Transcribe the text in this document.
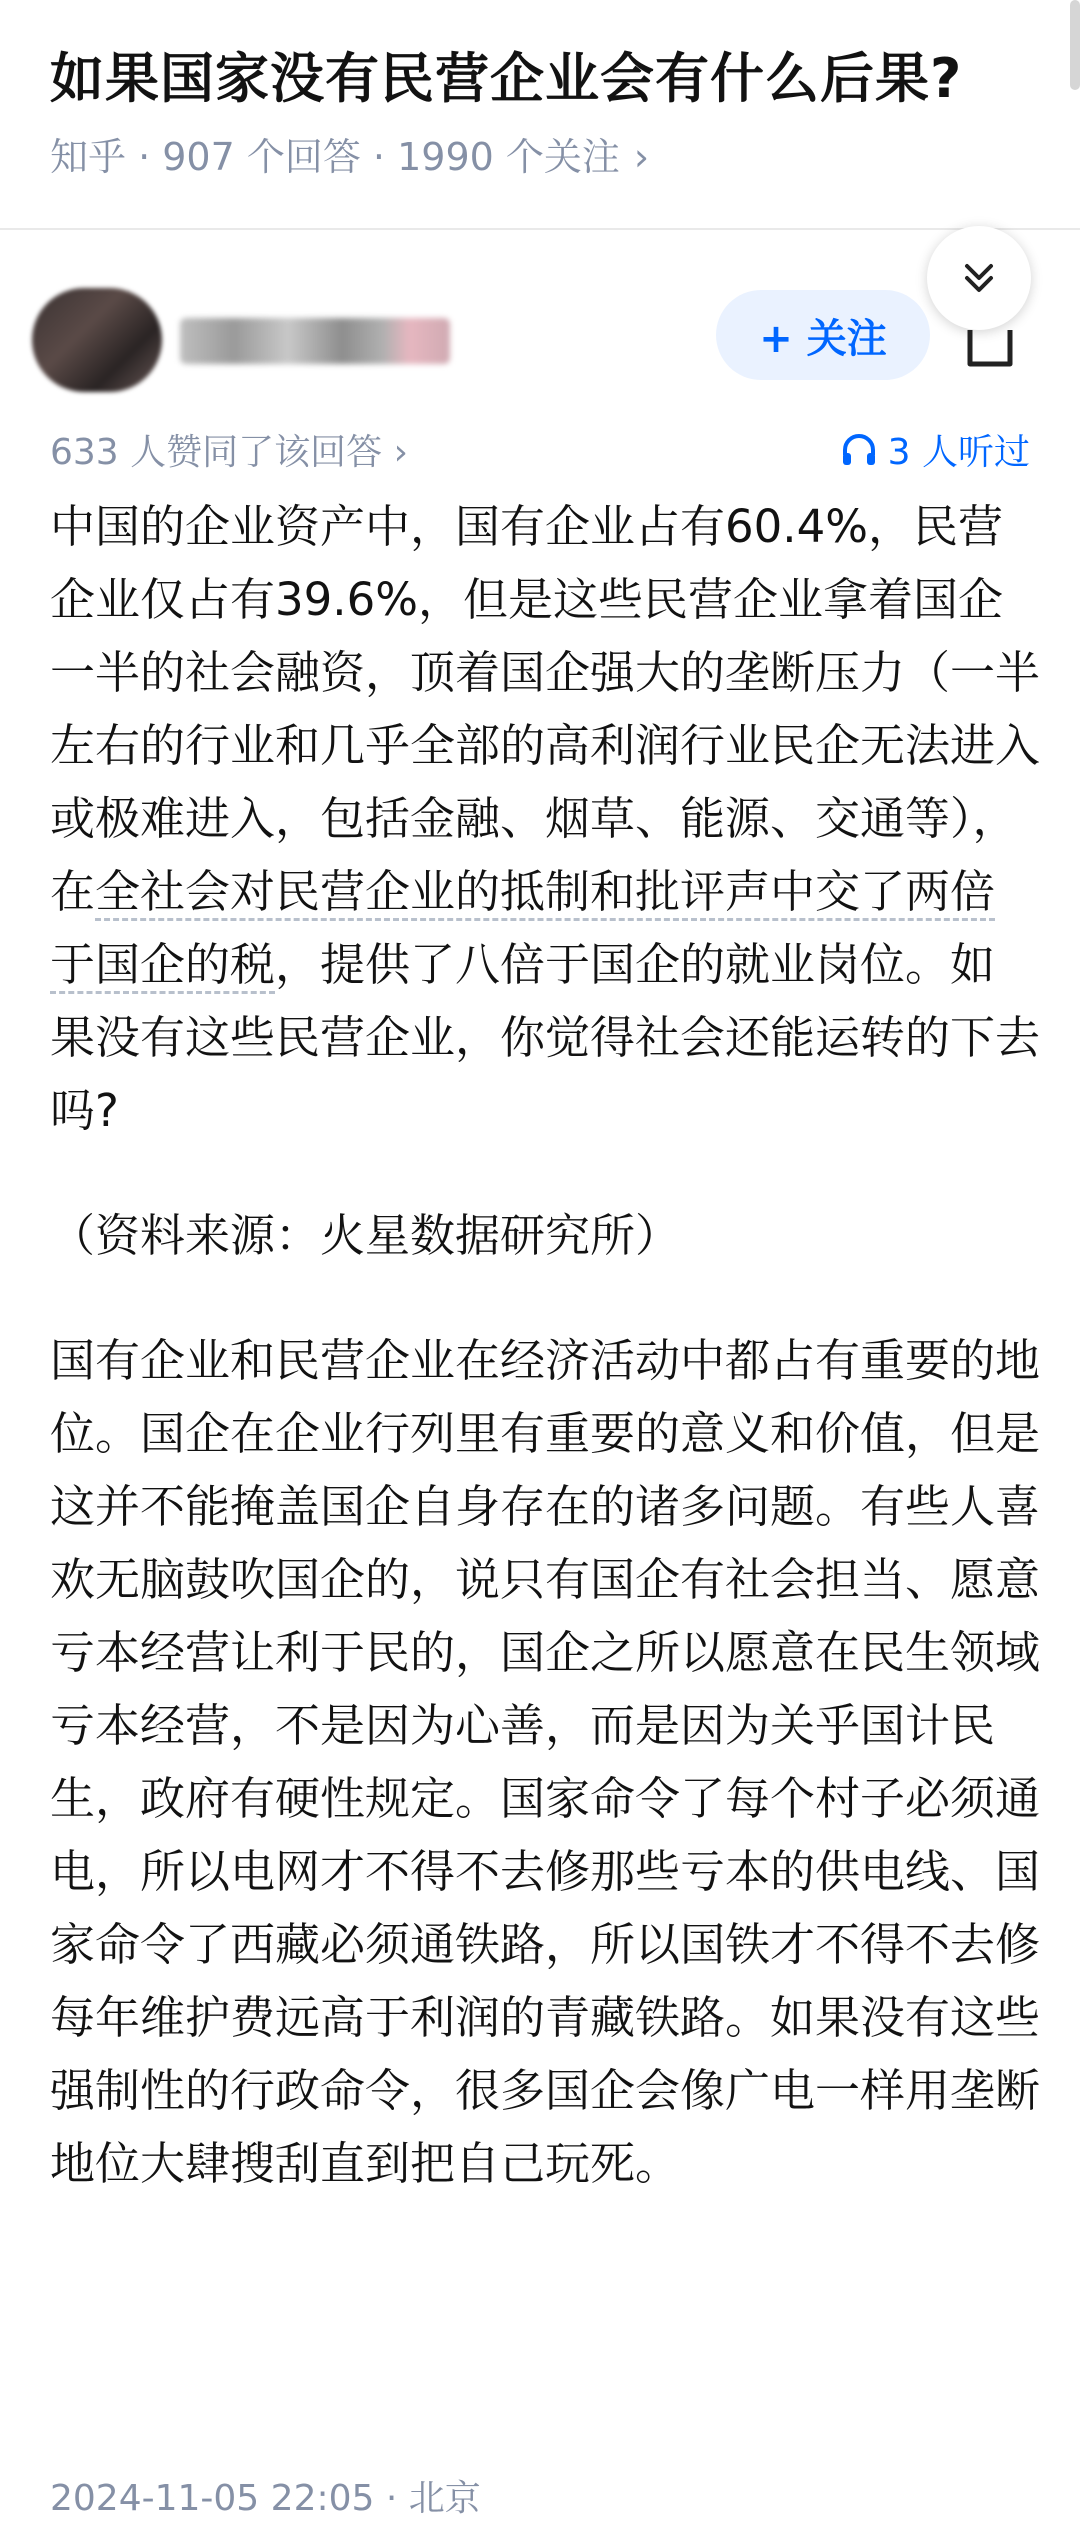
如果国家没有民营企业会有什么后果?
知乎 · 907 个回答 · 1990 个关注 ›
+ 关注
633 人赞同了该回答 ›	3 人听过

中国的企业资产中，国有企业占有60.4%，民营企业仅占有39.6%，但是这些民营企业拿着国企一半的社会融资，顶着国企强大的垄断压力（一半左右的行业和几乎全部的高利润行业民企无法进入或极难进入，包括金融、烟草、能源、交通等），在全社会对民营企业的抵制和批评声中交了两倍于国企的税，提供了八倍于国企的就业岗位。如果没有这些民营企业，你觉得社会还能运转的下去吗?

（资料来源：火星数据研究所）

国有企业和民营企业在经济活动中都占有重要的地位。国企在企业行列里有重要的意义和价值，但是这并不能掩盖国企自身存在的诸多问题。有些人喜欢无脑鼓吹国企的，说只有国企有社会担当、愿意亏本经营让利于民的，国企之所以愿意在民生领域亏本经营，不是因为心善，而是因为关乎国计民生，政府有硬性规定。国家命令了每个村子必须通电，所以电网才不得不去修那些亏本的供电线、国家命令了西藏必须通铁路，所以国铁才不得不去修每年维护费远高于利润的青藏铁路。如果没有这些强制性的行政命令，很多国企会像广电一样用垄断地位大肆搜刮直到把自己玩死。

2024-11-05 22:05 · 北京
